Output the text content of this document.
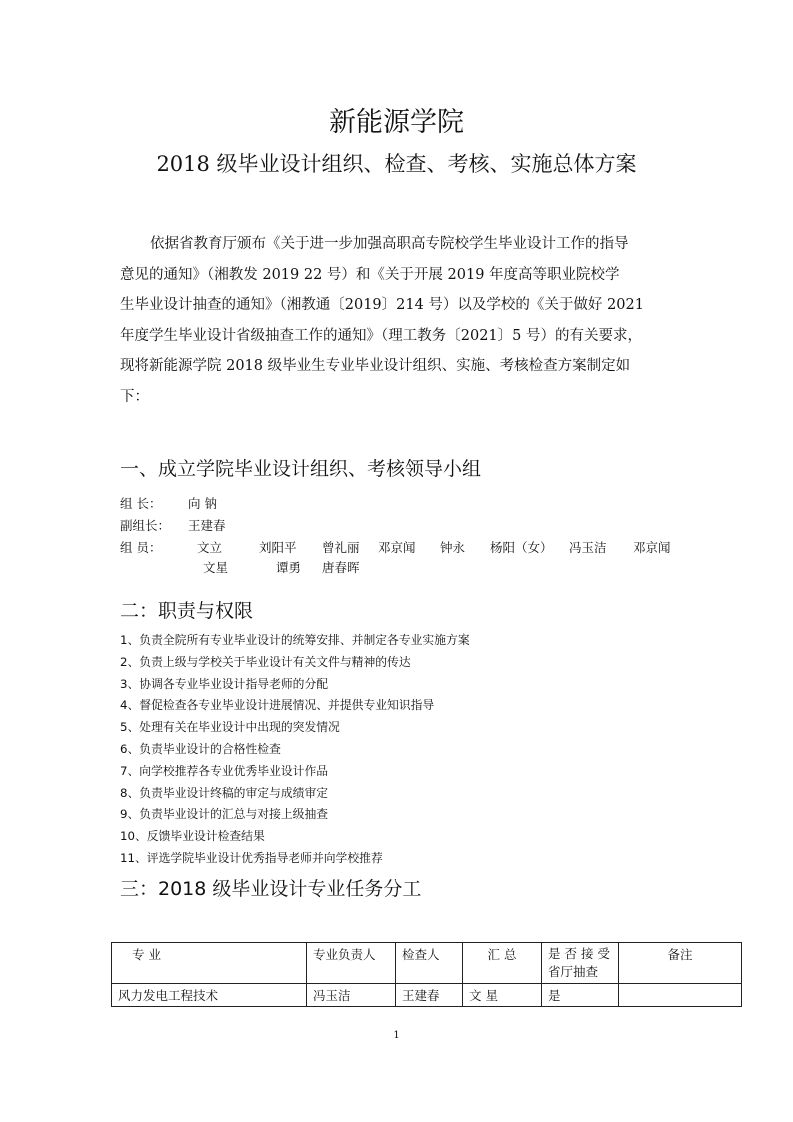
新能源学院
2018 级毕业设计组织、检查、考核、实施总体方案
依据省教育厅颁布《关于进一步加强高职高专院校学生毕业设计工作的指导
意见的通知》（湘教发 2019 22 号）和《关于开展 2019 年度高等职业院校学
生毕业设计抽查的通知》（湘教通〔2019〕214 号）以及学校的《关于做好 2021
年度学生毕业设计省级抽查工作的通知》（理工教务〔2021〕5 号）的有关要求，
现将新能源学院 2018 级毕业生专业毕业设计组织、实施、考核检查方案制定如
下：
一、成立学院毕业设计组织、考核领导小组
组 长： 向 钠
副组长： 王建春
组 员：	文立	刘阳平 曾礼丽 邓京闻 钟永 杨阳（女） 冯玉洁 邓京闻
文星	谭勇 唐春晖
二：职责与权限
1、负责全院所有专业毕业设计的统筹安排、并制定各专业实施方案
2、负责上级与学校关于毕业设计有关文件与精神的传达
3、协调各专业毕业设计指导老师的分配
4、督促检查各专业毕业设计进展情况、并提供专业知识指导
5、处理有关在毕业设计中出现的突发情况
6、负责毕业设计的合格性检查
7、向学校推荐各专业优秀毕业设计作品
8、负责毕业设计终稿的审定与成绩审定
9、负责毕业设计的汇总与对接上级抽查
10、反馈毕业设计检查结果
11、评选学院毕业设计优秀指导老师并向学校推荐
三：2018 级毕业设计专业任务分工
专 业	专业负责人	检查人	汇 总	是 否 接 受省厅抽查	备注
风力发电工程技术	冯玉洁	王建春	文 星	是	
1
